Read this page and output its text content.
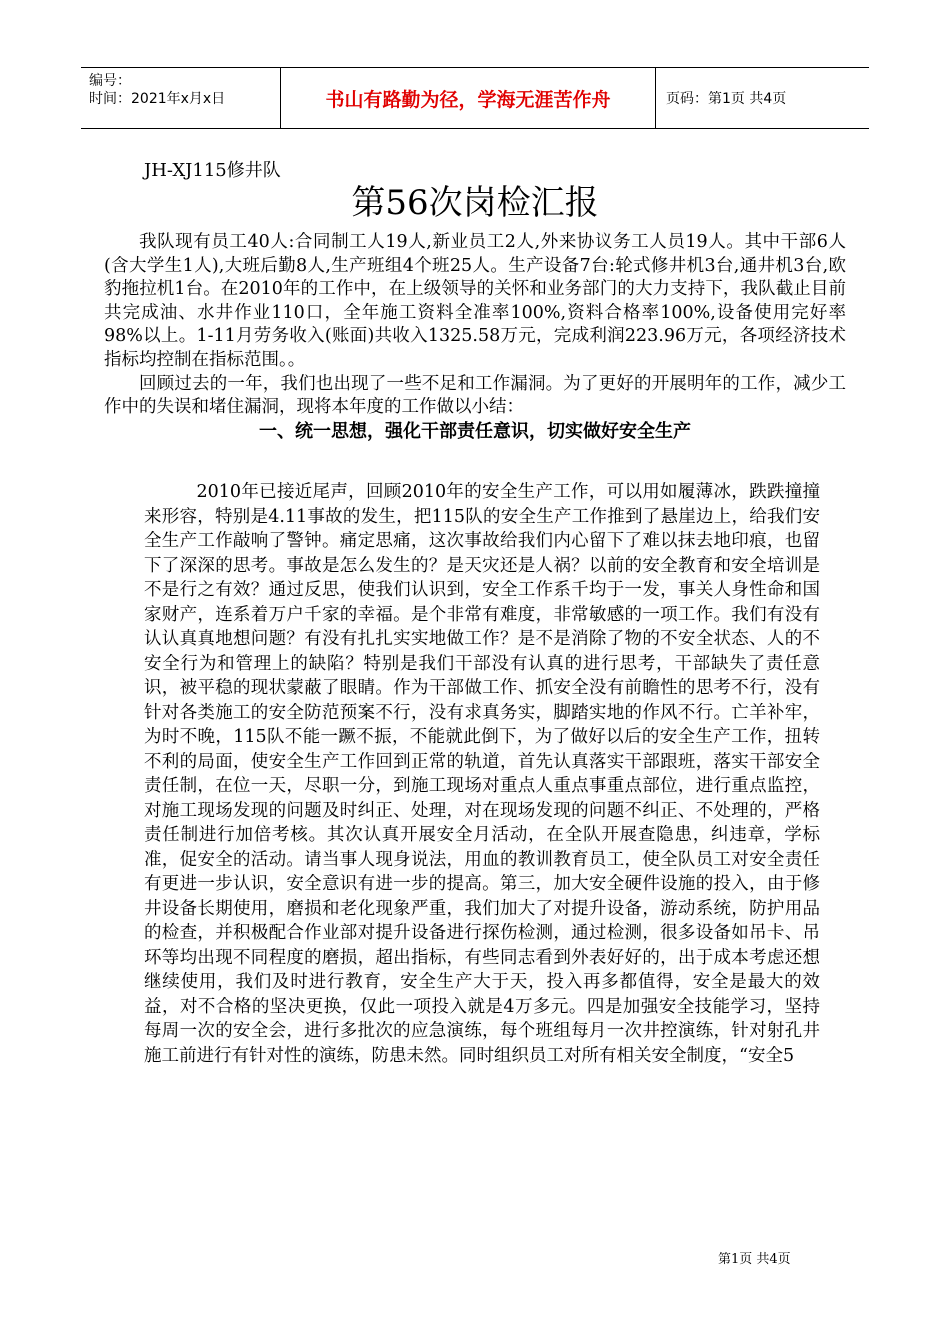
编号：
时间：2021年x月x日	书山有路勤为径，学海无涯苦作舟	页码：第1页 共4页
JH-XJ115修井队
第56次岗检汇报

我队现有员工40人:合同制工人19人,新业员工2人,外来协议务工人员19人。其中干部6人(含大学生1人),大班后勤8人,生产班组4个班25人。生产设备7台:轮式修井机3台,通井机3台,欧豹拖拉机1台。在2010年的工作中，在上级领导的关怀和业务部门的大力支持下，我队截止目前共完成油、水井作业110口，全年施工资料全准率100%,资料合格率100%,设备使用完好率98%以上。1-11月劳务收入(账面)共收入1325.58万元，完成利润223.96万元，各项经济技术指标均控制在指标范围。。

回顾过去的一年，我们也出现了一些不足和工作漏洞。为了更好的开展明年的工作，减少工作中的失误和堵住漏洞，现将本年度的工作做以小结：

一、统一思想，强化干部责任意识，切实做好安全生产

2010年已接近尾声，回顾2010年的安全生产工作，可以用如履薄冰，跌跌撞撞来形容，特别是4.11事故的发生，把115队的安全生产工作推到了悬崖边上，给我们安全生产工作敲响了警钟。痛定思痛，这次事故给我们内心留下了难以抹去地印痕，也留下了深深的思考。事故是怎么发生的？是天灾还是人祸？以前的安全教育和安全培训是不是行之有效？通过反思，使我们认识到，安全工作系千均于一发，事关人身性命和国家财产，连系着万户千家的幸福。是个非常有难度，非常敏感的一项工作。我们有没有认认真真地想问题？有没有扎扎实实地做工作？是不是消除了物的不安全状态、人的不安全行为和管理上的缺陷？特别是我们干部没有认真的进行思考，干部缺失了责任意识，被平稳的现状蒙蔽了眼睛。作为干部做工作、抓安全没有前瞻性的思考不行，没有针对各类施工的安全防范预案不行，没有求真务实，脚踏实地的作风不行。亡羊补牢，为时不晚，115队不能一蹶不振，不能就此倒下，为了做好以后的安全生产工作，扭转不利的局面，使安全生产工作回到正常的轨道，首先认真落实干部跟班，落实干部安全责任制，在位一天，尽职一分，到施工现场对重点人重点事重点部位，进行重点监控，对施工现场发现的问题及时纠正、处理，对在现场发现的问题不纠正、不处理的，严格责任制进行加倍考核。其次认真开展安全月活动，在全队开展查隐患，纠违章，学标准，促安全的活动。请当事人现身说法，用血的教训教育员工，使全队员工对安全责任有更进一步认识，安全意识有进一步的提高。第三，加大安全硬件设施的投入，由于修井设备长期使用，磨损和老化现象严重，我们加大了对提升设备，游动系统，防护用品的检查，并积极配合作业部对提升设备进行探伤检测，通过检测，很多设备如吊卡、吊环等均出现不同程度的磨损，超出指标，有些同志看到外表好好的，出于成本考虑还想继续使用，我们及时进行教育，安全生产大于天，投入再多都值得，安全是最大的效益，对不合格的坚决更换，仅此一项投入就是4万多元。四是加强安全技能学习，坚持每周一次的安全会，进行多批次的应急演练，每个班组每月一次井控演练，针对射孔井施工前进行有针对性的演练，防患未然。同时组织员工对所有相关安全制度，“安全5

第1页 共4页
